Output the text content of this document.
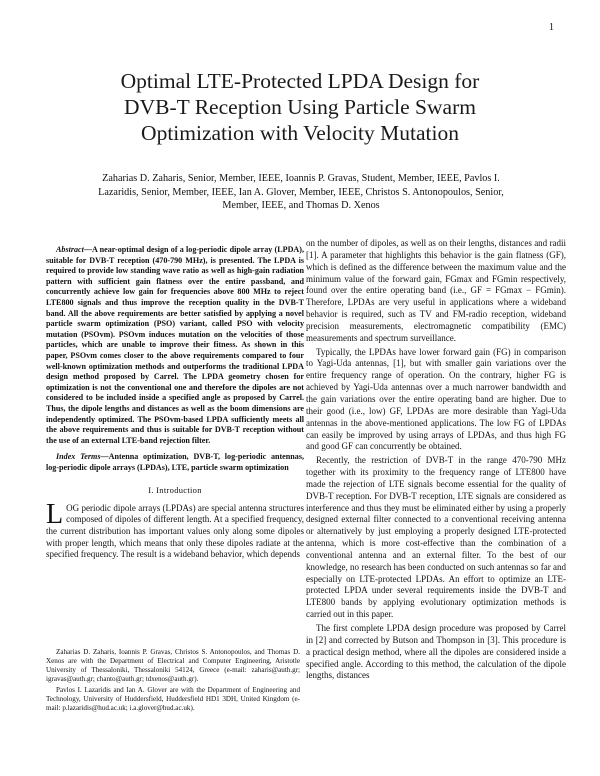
1
Optimal LTE-Protected LPDA Design for
DVB-T Reception Using Particle Swarm
Optimization with Velocity Mutation
Zaharias D. Zaharis, Senior, Member, IEEE, Ioannis P. Gravas, Student, Member, IEEE, Pavlos I.
Lazaridis, Senior, Member, IEEE, Ian A. Glover, Member, IEEE, Christos S. Antonopoulos, Senior,
Member, IEEE, and Thomas D. Xenos

Abstract—A near-optimal design of a log-periodic dipole array (LPDA), suitable for DVB-T reception (470-790 MHz), is presented. The LPDA is required to provide low standing wave ratio as well as high-gain radiation pattern with sufficient gain flatness over the entire passband, and concurrently achieve low gain for frequencies above 800 MHz to reject LTE800 signals and thus improve the reception quality in the DVB-T band. All the above requirements are better satisfied by applying a novel particle swarm optimization (PSO) variant, called PSO with velocity mutation (PSOvm). PSOvm induces mutation on the velocities of those particles, which are unable to improve their fitness. As shown in this paper, PSOvm comes closer to the above requirements compared to four well-known optimization methods and outperforms the traditional LPDA design method proposed by Carrel. The LPDA geometry chosen for optimization is not the conventional one and therefore the dipoles are not considered to be included inside a specified angle as proposed by Carrel. Thus, the dipole lengths and distances as well as the boom dimensions are independently optimized. The PSOvm-based LPDA sufficiently meets all the above requirements and thus is suitable for DVB-T reception without the use of an external LTE-band rejection filter.

Index Terms—Antenna optimization, DVB-T, log-periodic antennas, log-periodic dipole arrays (LPDAs), LTE, particle swarm optimization

I. Introduction

LOG periodic dipole arrays (LPDAs) are special antenna structures composed of dipoles of different length. At a specified frequency, the current distribution has important values only along some dipoles with proper length, which means that only these dipoles radiate at the specified frequency. The result is a wideband behavior, which depends

Zaharias D. Zaharis, Ioannis P. Gravas, Christos S. Antonopoulos, and Thomas D. Xenos are with the Department of Electrical and Computer Engineering, Aristotle University of Thessaloniki, Thessaloniki 54124, Greece (e-mail: zaharis@auth.gr; igravas@auth.gr; chanto@auth.gr; tdxenos@auth.gr).

Pavlos I. Lazaridis and Ian A. Glover are with the Department of Engineering and Technology, University of Huddersfield, Huddersfield HD1 3DH, United Kingdom (e-mail: p.lazaridis@hud.ac.uk; i.a.glover@hud.ac.uk).

on the number of dipoles, as well as on their lengths, distances and radii [1]. A parameter that highlights this behavior is the gain flatness (GF), which is defined as the difference between the maximum value and the minimum value of the forward gain, FGmax and FGmin respectively, found over the entire operating band (i.e., GF = FGmax − FGmin). Therefore, LPDAs are very useful in applications where a wideband behavior is required, such as TV and FM-radio reception, wideband precision measurements, electromagnetic compatibility (EMC) measurements and spectrum surveillance.

Typically, the LPDAs have lower forward gain (FG) in comparison to Yagi-Uda antennas, [1], but with smaller gain variations over the entire frequency range of operation. On the contrary, higher FG is achieved by Yagi-Uda antennas over a much narrower bandwidth and the gain variations over the entire operating band are higher. Due to their good (i.e., low) GF, LPDAs are more desirable than Yagi-Uda antennas in the above-mentioned applications. The low FG of LPDAs can easily be improved by using arrays of LPDAs, and thus high FG and good GF can concurrently be obtained.

Recently, the restriction of DVB-T in the range 470-790 MHz together with its proximity to the frequency range of LTE800 have made the rejection of LTE signals become essential for the quality of DVB-T reception. For DVB-T reception, LTE signals are considered as interference and thus they must be eliminated either by using a properly designed external filter connected to a conventional receiving antenna or alternatively by just employing a properly designed LTE-protected antenna, which is more cost-effective than the combination of a conventional antenna and an external filter. To the best of our knowledge, no research has been conducted on such antennas so far and especially on LTE-protected LPDAs. An effort to optimize an LTE-protected LPDA under several requirements inside the DVB-T and LTE800 bands by applying evolutionary optimization methods is carried out in this paper.

The first complete LPDA design procedure was proposed by Carrel in [2] and corrected by Butson and Thompson in [3]. This procedure is a practical design method, where all the dipoles are considered inside a specified angle. According to this method, the calculation of the dipole lengths, distances
